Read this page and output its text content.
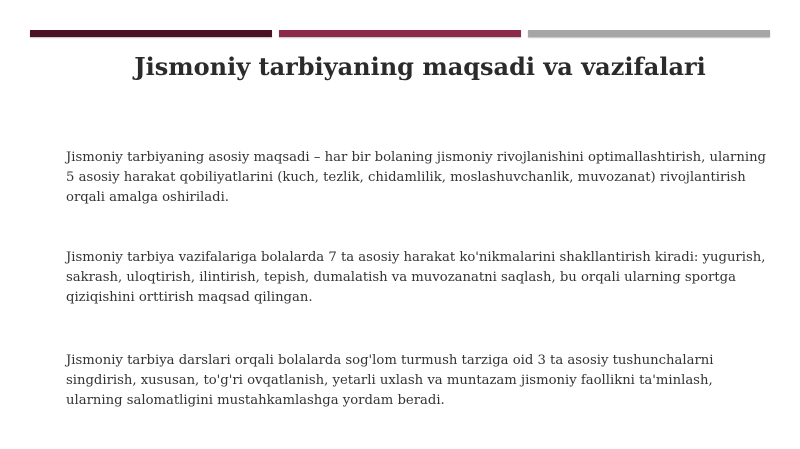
Jismoniy tarbiyaning maqsadi va vazifalari
Jismoniy tarbiyaning asosiy maqsadi – har bir bolaning jismoniy rivojlanishini optimallashtirish, ularning 5 asosiy harakat qobiliyatlarini (kuch, tezlik, chidamlilik, moslashuvchanlik, muvozanat) rivojlantirish orqali amalga oshiriladi.
Jismoniy tarbiya vazifalariga bolalarda 7 ta asosiy harakat ko'nikmalarini shakllantirish kiradi: yugurish, sakrash, uloqtirish, ilintirish, tepish, dumalatish va muvozanatni saqlash, bu orqali ularning sportga qiziqishini orttirish maqsad qilingan.
Jismoniy tarbiya darslari orqali bolalarda sog'lom turmush tarziga oid 3 ta asosiy tushunchalarni singdirish, xususan, to'g'ri ovqatlanish, yetarli uxlash va muntazam jismoniy faollikni ta'minlash, ularning salomatligini mustahkamlashga yordam beradi.
